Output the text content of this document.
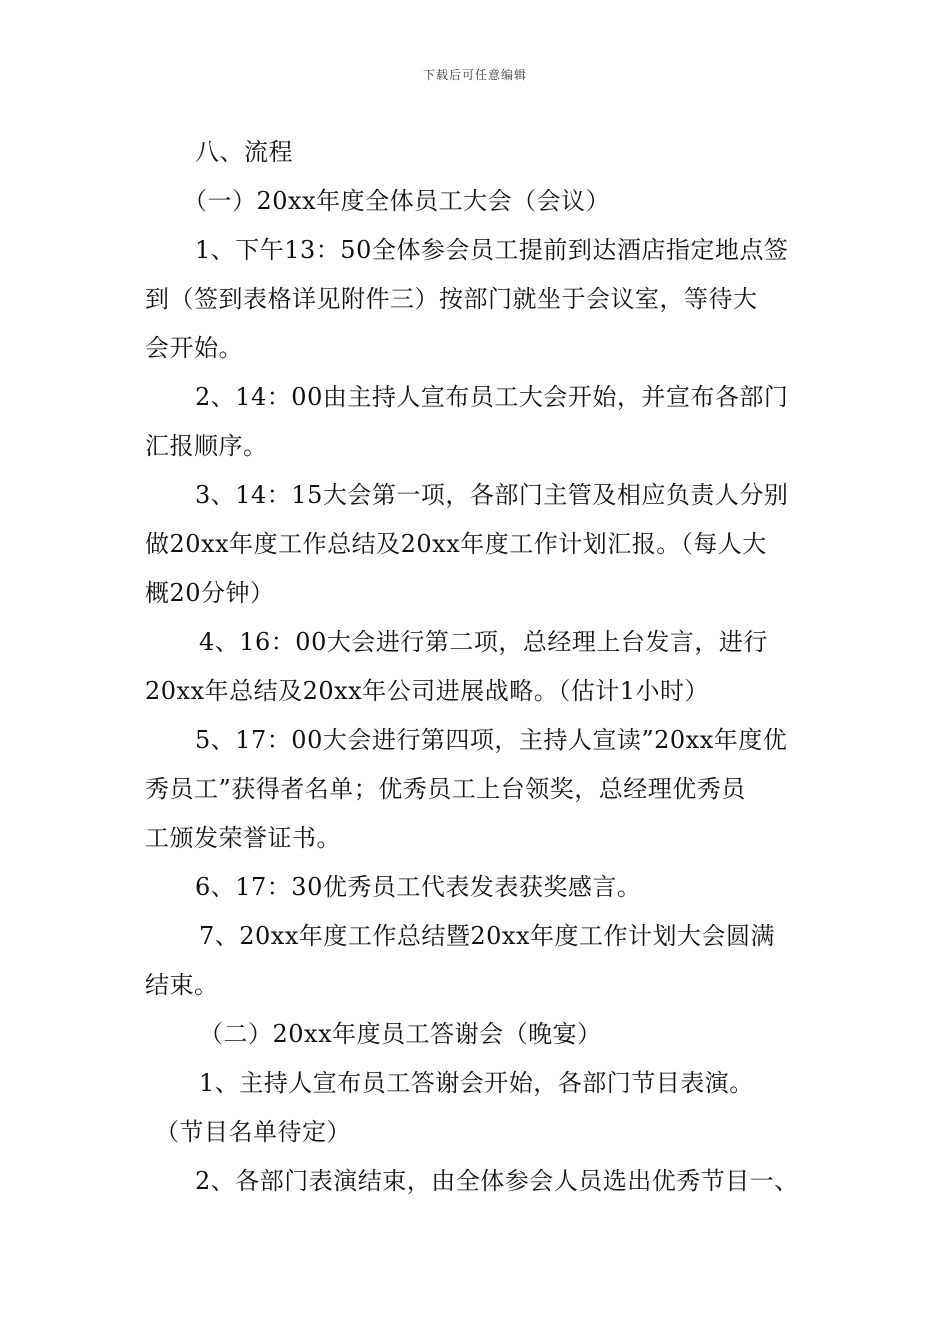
下载后可任意编辑
八、流程
（一）20xx年度全体员工大会（会议）
1、下午13：50全体参会员工提前到达酒店指定地点签
到（签到表格详见附件三）按部门就坐于会议室，等待大
会开始。
2、14：00由主持人宣布员工大会开始，并宣布各部门
汇报顺序。
3、14：15大会第一项，各部门主管及相应负责人分别
做20xx年度工作总结及20xx年度工作计划汇报。（每人大
概20分钟）
4、16：00大会进行第二项，总经理上台发言，进行
20xx年总结及20xx年公司进展战略。（估计1小时）
5、17：00大会进行第四项，主持人宣读”20xx年度优
秀员工”获得者名单；优秀员工上台领奖，总经理优秀员
工颁发荣誉证书。
6、17：30优秀员工代表发表获奖感言。
7、20xx年度工作总结暨20xx年度工作计划大会圆满
结束。
（二）20xx年度员工答谢会（晚宴）
1、主持人宣布员工答谢会开始，各部门节目表演。
（节目名单待定）
2、各部门表演结束，由全体参会人员选出优秀节目一、
